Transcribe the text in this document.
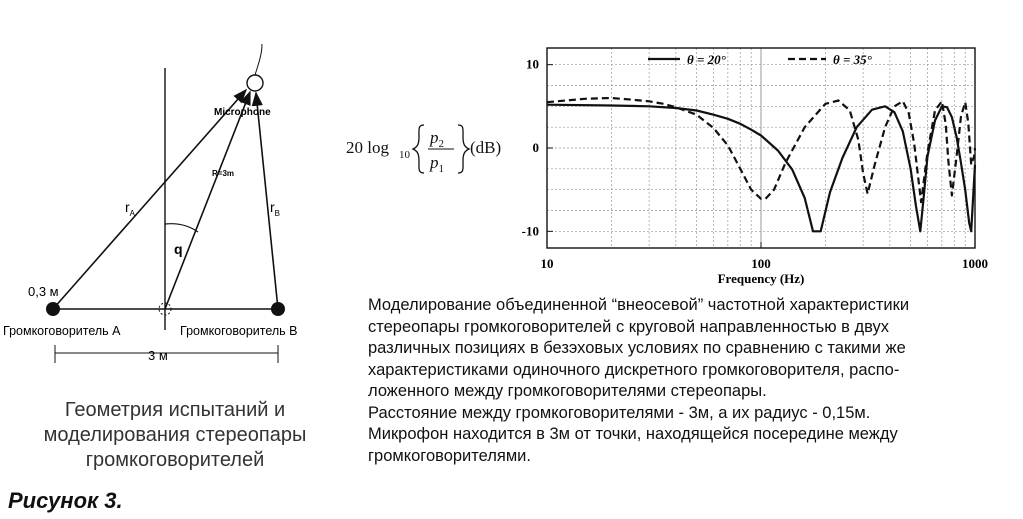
Microphone
R=3m
$r_A$	$r_B$
q
0,3 м
Громкоговоритель А	Громкоговоритель В
3 м
Геометрия испытаний и
моделирования стереопары
громкоговорителей
20 log 10
$p_2$
$p_1$
(dB)
10	100	1000
10
0
-10
θ = 20°	θ = 35°
Frequency (Hz)
Моделирование объединенной “внеосевой” частотной характеристики
стереопары громкоговорителей с круговой направленностью в двух
различных позициях в безэховых условиях по сравнению с такими же
характеристиками одиночного дискретного громкоговорителя, распо-
ложенного между громкоговорителями стереопары.
Расстояние между громкоговорителями - 3м, а их радиус - 0,15м.
Микрофон находится в 3м от точки, находящейся посередине между
громкоговорителями.
Рисунок 3.
